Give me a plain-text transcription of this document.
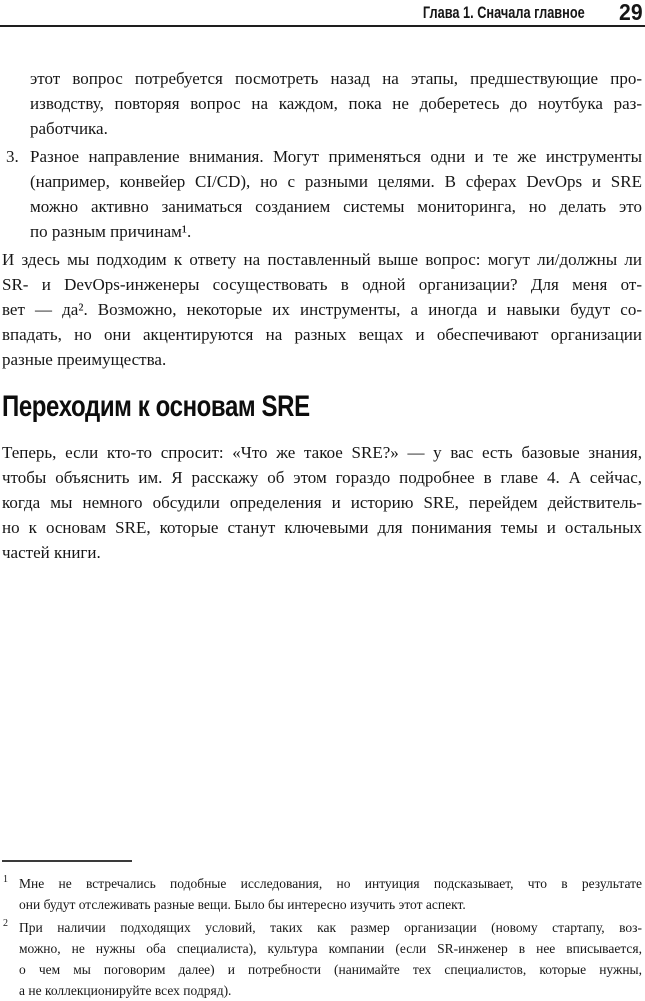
Глава 1. Сначала главное 29
этот вопрос потребуется посмотреть назад на этапы, предшествующие про-
изводству, повторяя вопрос на каждом, пока не доберетесь до ноутбука раз-
работчика.
3. Разное направление внимания. Могут применяться одни и те же инструменты
(например, конвейер CI/CD), но с разными целями. В сферах DevOps и SRE
можно активно заниматься созданием системы мониторинга, но делать это
по разным причинам¹.
И здесь мы подходим к ответу на поставленный выше вопрос: могут ли/должны ли
SR- и DevOps-инженеры сосуществовать в одной организации? Для меня от-
вет — да². Возможно, некоторые их инструменты, а иногда и навыки будут со-
впадать, но они акцентируются на разных вещах и обеспечивают организации
разные преимущества.
Переходим к основам SRE
Теперь, если кто-то спросит: «Что же такое SRE?» — у вас есть базовые знания,
чтобы объяснить им. Я расскажу об этом гораздо подробнее в главе 4. А сейчас,
когда мы немного обсудили определения и историю SRE, перейдем действитель-
но к основам SRE, которые станут ключевыми для понимания темы и остальных
частей книги.
1 Мне не встречались подобные исследования, но интуиция подсказывает, что в результате
они будут отслеживать разные вещи. Было бы интересно изучить этот аспект.
2 При наличии подходящих условий, таких как размер организации (новому стартапу, воз-
можно, не нужны оба специалиста), культура компании (если SR-инженер в нее вписывается,
о чем мы поговорим далее) и потребности (нанимайте тех специалистов, которые нужны,
а не коллекционируйте всех подряд).
